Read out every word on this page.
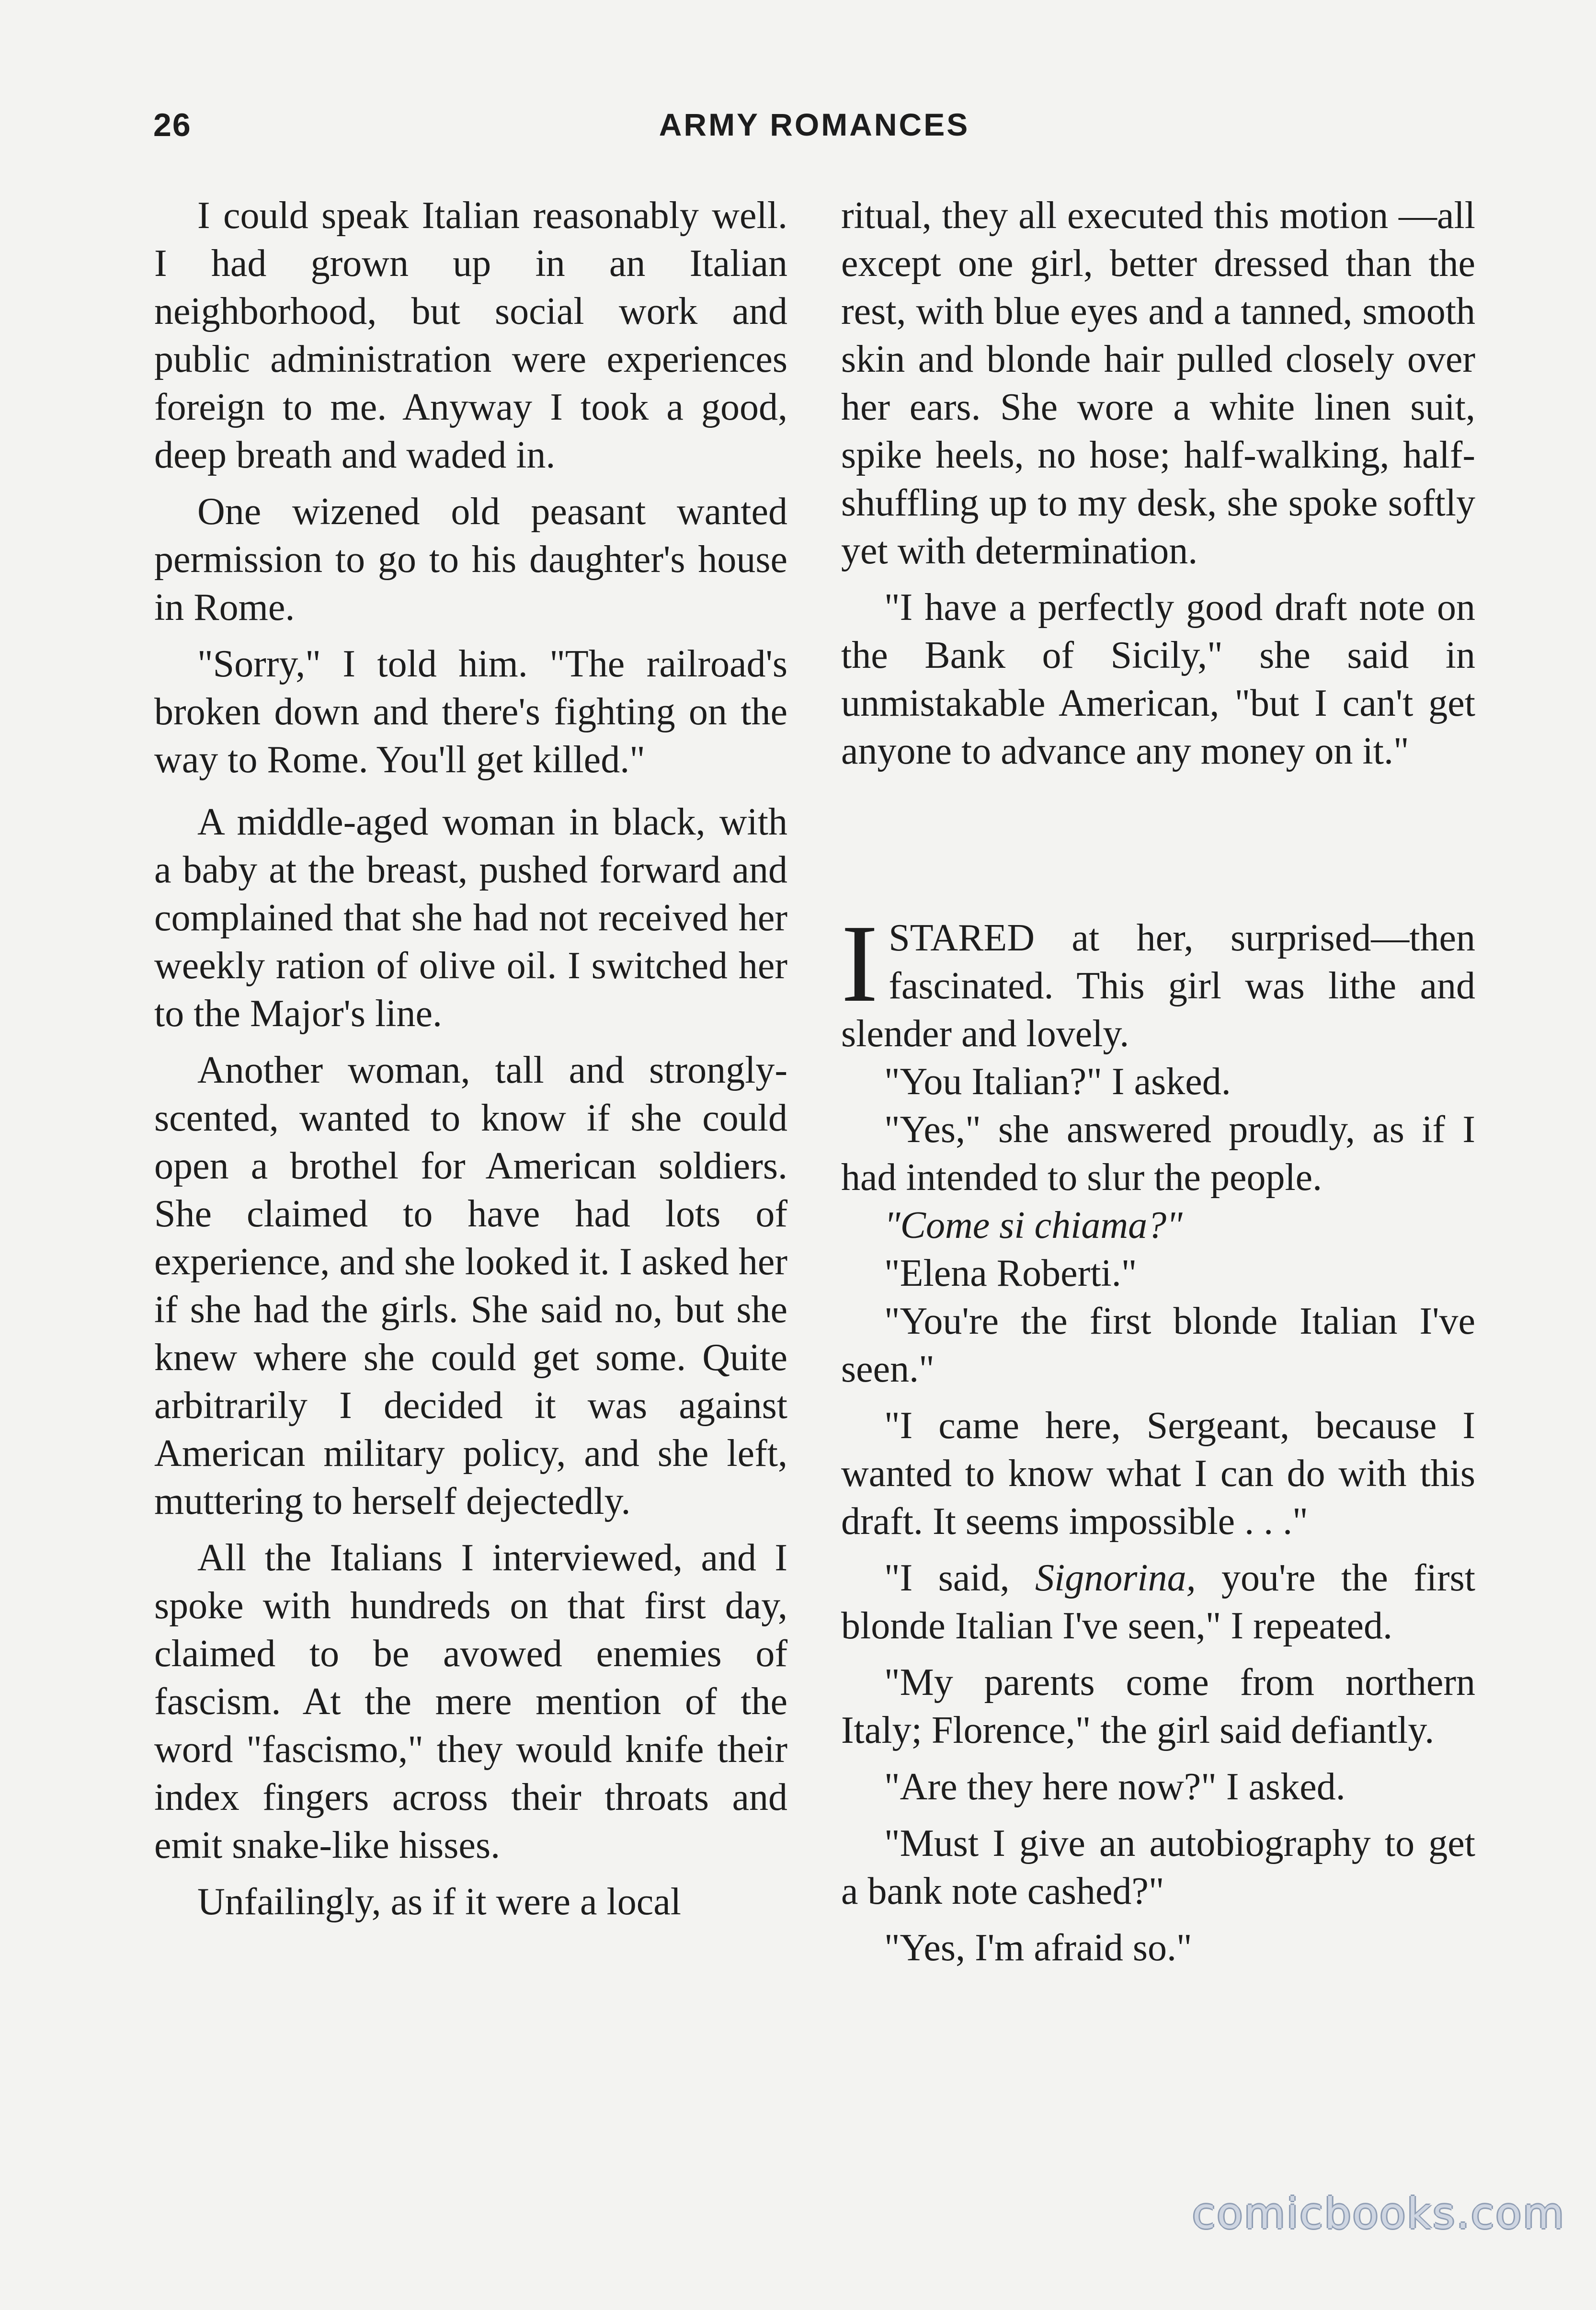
26	ARMY ROMANCES

I could speak Italian reasonably well. I had grown up in an Italian neighborhood, but social work and public administration were experiences foreign to me. Anyway I took a good, deep breath and waded in.

One wizened old peasant wanted permission to go to his daughter's house in Rome.

"Sorry," I told him. "The railroad's broken down and there's fighting on the way to Rome. You'll get killed."

A middle-aged woman in black, with a baby at the breast, pushed forward and complained that she had not received her weekly ration of olive oil. I switched her to the Major's line.

Another woman, tall and strongly-scented, wanted to know if she could open a brothel for American soldiers. She claimed to have had lots of experience, and she looked it. I asked her if she had the girls. She said no, but she knew where she could get some. Quite arbitrarily I decided it was against American military policy, and she left, muttering to herself dejectedly.

All the Italians I interviewed, and I spoke with hundreds on that first day, claimed to be avowed enemies of fascism. At the mere mention of the word "fascismo," they would knife their index fingers across their throats and emit snake-like hisses.

Unfailingly, as if it were a local

ritual, they all executed this motion —all except one girl, better dressed than the rest, with blue eyes and a tanned, smooth skin and blonde hair pulled closely over her ears. She wore a white linen suit, spike heels, no hose; half-walking, half-shuffling up to my desk, she spoke softly yet with determination.

"I have a perfectly good draft note on the Bank of Sicily," she said in unmistakable American, "but I can't get anyone to advance any money on it."

I STARED at her, surprised—then fascinated. This girl was lithe and slender and lovely.

"You Italian?" I asked.

"Yes," she answered proudly, as if I had intended to slur the people.

"Come si chiama?"

"Elena Roberti."

"You're the first blonde Italian I've seen."

"I came here, Sergeant, because I wanted to know what I can do with this draft. It seems impossible . . ."

"I said, Signorina, you're the first blonde Italian I've seen," I repeated.

"My parents come from northern Italy; Florence," the girl said defiantly.

"Are they here now?" I asked.

"Must I give an autobiography to get a bank note cashed?"

"Yes, I'm afraid so."

comicbooks.com
